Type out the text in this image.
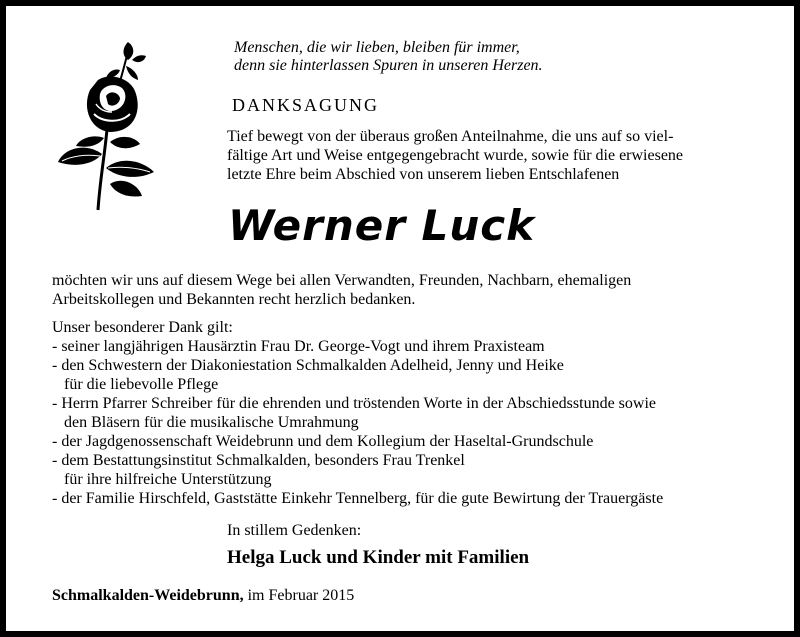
Menschen, die wir lieben, bleiben für immer,
denn sie hinterlassen Spuren in unseren Herzen.
DANKSAGUNG
Tief bewegt von der überaus großen Anteilnahme, die uns auf so viel-
fältige Art und Weise entgegengebracht wurde, sowie für die erwiesene
letzte Ehre beim Abschied von unserem lieben Entschlafenen
Werner Luck
möchten wir uns auf diesem Wege bei allen Verwandten, Freunden, Nachbarn, ehemaligen
Arbeitskollegen und Bekannten recht herzlich bedanken.
Unser besonderer Dank gilt:
- seiner langjährigen Hausärztin Frau Dr. George-Vogt und ihrem Praxisteam
- den Schwestern der Diakoniestation Schmalkalden Adelheid, Jenny und Heike
für die liebevolle Pflege
- Herrn Pfarrer Schreiber für die ehrenden und tröstenden Worte in der Abschiedsstunde sowie
den Bläsern für die musikalische Umrahmung
- der Jagdgenossenschaft Weidebrunn und dem Kollegium der Haseltal-Grundschule
- dem Bestattungsinstitut Schmalkalden, besonders Frau Trenkel
für ihre hilfreiche Unterstützung
- der Familie Hirschfeld, Gaststätte Einkehr Tennelberg, für die gute Bewirtung der Trauergäste
In stillem Gedenken:
Helga Luck und Kinder mit Familien
Schmalkalden-Weidebrunn, im Februar 2015
